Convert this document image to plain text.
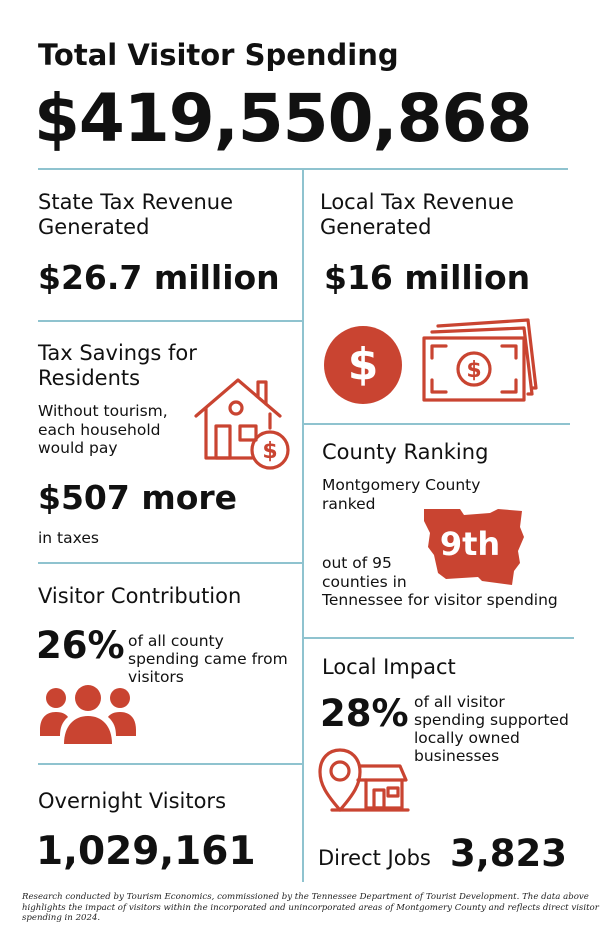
Total Visitor Spending
$419,550,868
State Tax Revenue
Generated
$26.7 million
Local Tax Revenue
Generated
$16 million
$	$
Tax Savings for
Residents
Without tourism,
each household
would pay	$
$507 more
in taxes
County Ranking
Montgomery County
ranked
9th
out of 95
counties in
Tennessee for visitor spending
Visitor Contribution
26% of all county
spending came from
visitors	Local Impact
28% of all visitor
spending supported
locally owned
businesses
Overnight Visitors
1,029,161	Direct Jobs 3,823
Research conducted by Tourism Economics, commissioned by the Tennessee Department of Tourist Development. The data above
highlights the impact of visitors within the incorporated and unincorporated areas of Montgomery County and reflects direct visitor
spending in 2024.
